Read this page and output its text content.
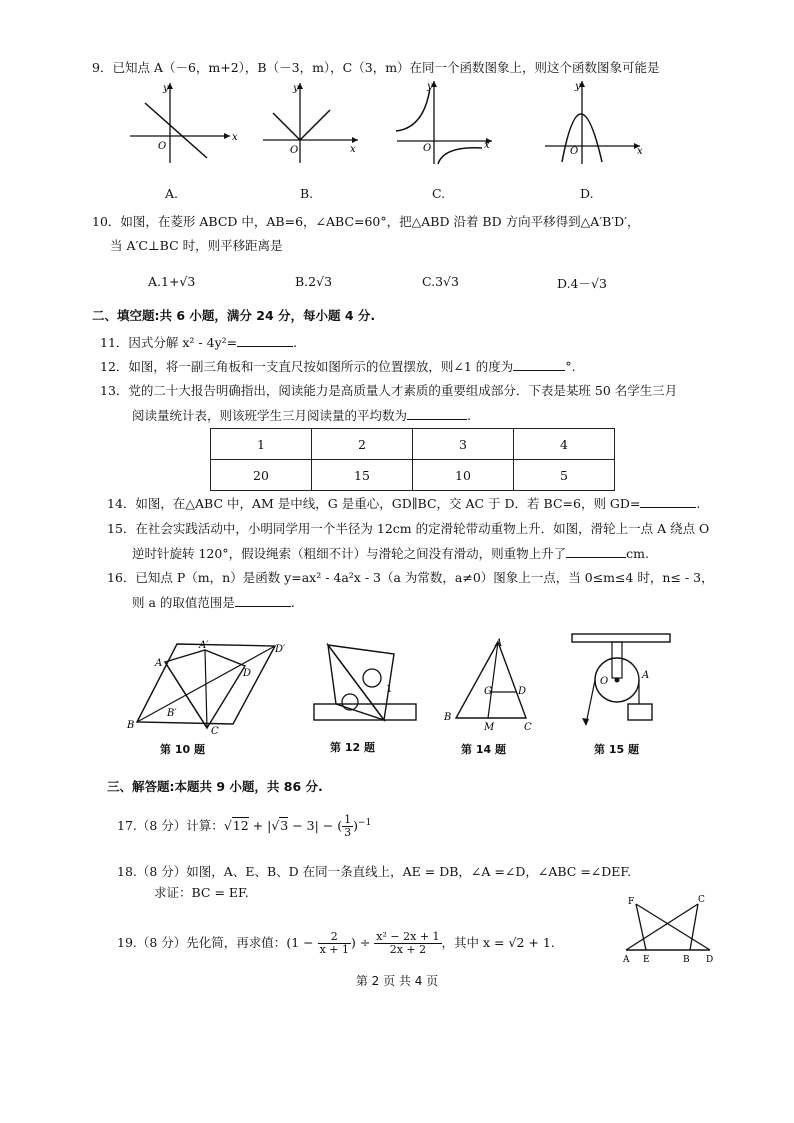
9．已知点 A（－6，m+2），B（－3，m），C（3，m）在同一个函数图象上，则这个函数图象可能是
y
x
O
y
x
O
y
x
O
y
x
O
A.	B.	C.	D.
10．如图，在菱形 ABCD 中，AB=6，∠ABC=60°，把△ABD 沿着 BD 方向平移得到△A′B′D′，
当 A′C⊥BC 时，则平移距离是
A.1+√3	B.2√3	C.3√3	D.4－√3
二、填空题:共 6 小题，满分 24 分，每小题 4 分.
11．因式分解 x² - 4y²=	.
12．如图，将一副三角板和一支直尺按如图所示的位置摆放，则∠1 的度为	°.
13．党的二十大报告明确指出，阅读能力是高质量人才素质的重要组成部分．下表是某班 50 名学生三月
阅读量统计表，则该班学生三月阅读量的平均数为	.
1	2	3	4
20	15	10	5
14．如图，在△ABC 中，AM 是中线，G 是重心，GD∥BC，交 AC 于 D．若 BC=6，则 GD=	.
15．在社会实践活动中，小明同学用一个半径为 12cm 的定滑轮带动重物上升．如图，滑轮上一点 A 绕点 O
逆时针旋转 120°，假设绳索（粗细不计）与滑轮之间没有滑动，则重物上升了	cm.
16．已知点 P（m，n）是函数 y=ax² - 4a²x - 3（a 为常数，a≠0）图象上一点，当 0≤m≤4 时，n≤ - 3，
则 a 的取值范围是	.
A
A′	D′
D
B
B′
C
1
A
G	D
B
M	C
O
A
第 10 题	第 12 题	第 14 题	第 15 题
三、解答题:本题共 9 小题，共 86 分.
17.（8 分）计算：√12 + |√3 − 3| − ( $\frac{1}{3} )^{-1}$
18.（8 分）如图，A、E、B、D 在同一条直线上，AE = DB，∠A =∠D，∠ABC =∠DEF.
求证：BC = EF.
F	C
A E	B D
19.（8 分）先化简，再求值：($1 - \frac{2}{x + 1}$ ) ÷ $\frac{\text{x² − 2x + 1}}{2x + 2}$ ，其中 x = √2 + 1.
第 2 页 共 4 页
